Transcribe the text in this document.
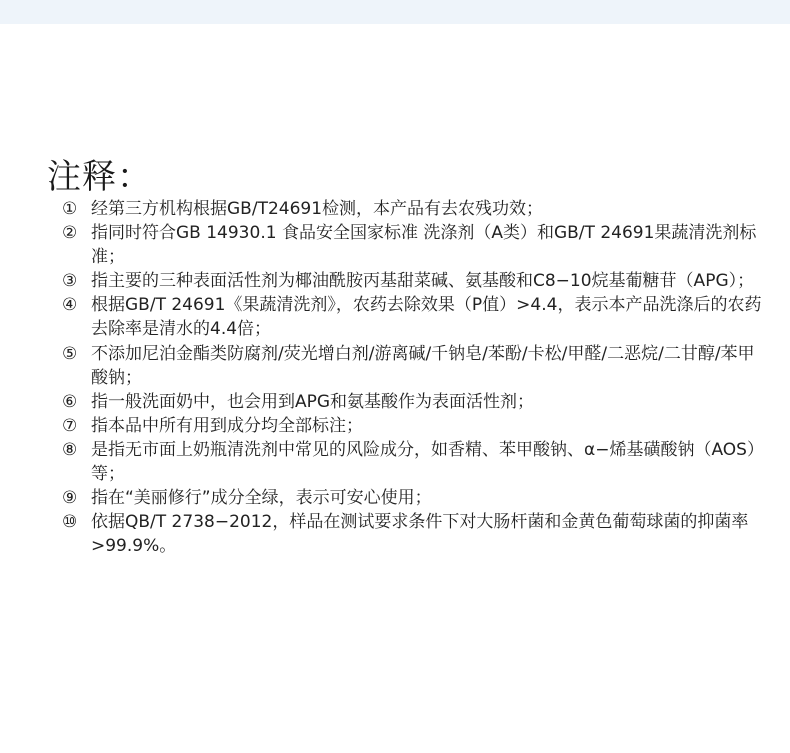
注释：
① 经第三方机构根据GB/T24691检测，本产品有去农残功效；
② 指同时符合GB 14930.1 食品安全国家标准 洗涤剂（A类）和GB/T 24691果蔬清洗剂标准；
③ 指主要的三种表面活性剂为椰油酰胺丙基甜菜碱、氨基酸和C8−10烷基葡糖苷（APG）；
④ 根据GB/T 24691《果蔬清洗剂》，农药去除效果（P值）>4.4，表示本产品洗涤后的农药去除率是清水的4.4倍；
⑤ 不添加尼泊金酯类防腐剂/荧光增白剂/游离碱/千钠皂/苯酚/卡松/甲醛/二恶烷/二甘醇/苯甲酸钠；
⑥ 指一般洗面奶中，也会用到APG和氨基酸作为表面活性剂；
⑦ 指本品中所有用到成分均全部标注；
⑧ 是指无市面上奶瓶清洗剂中常见的风险成分，如香精、苯甲酸钠、α−烯基磺酸钠（AOS）等；
⑨ 指在“美丽修行”成分全绿，表示可安心使用；
⑩ 依据QB/T 2738−2012，样品在测试要求条件下对大肠杆菌和金黄色葡萄球菌的抑菌率>99.9%。
